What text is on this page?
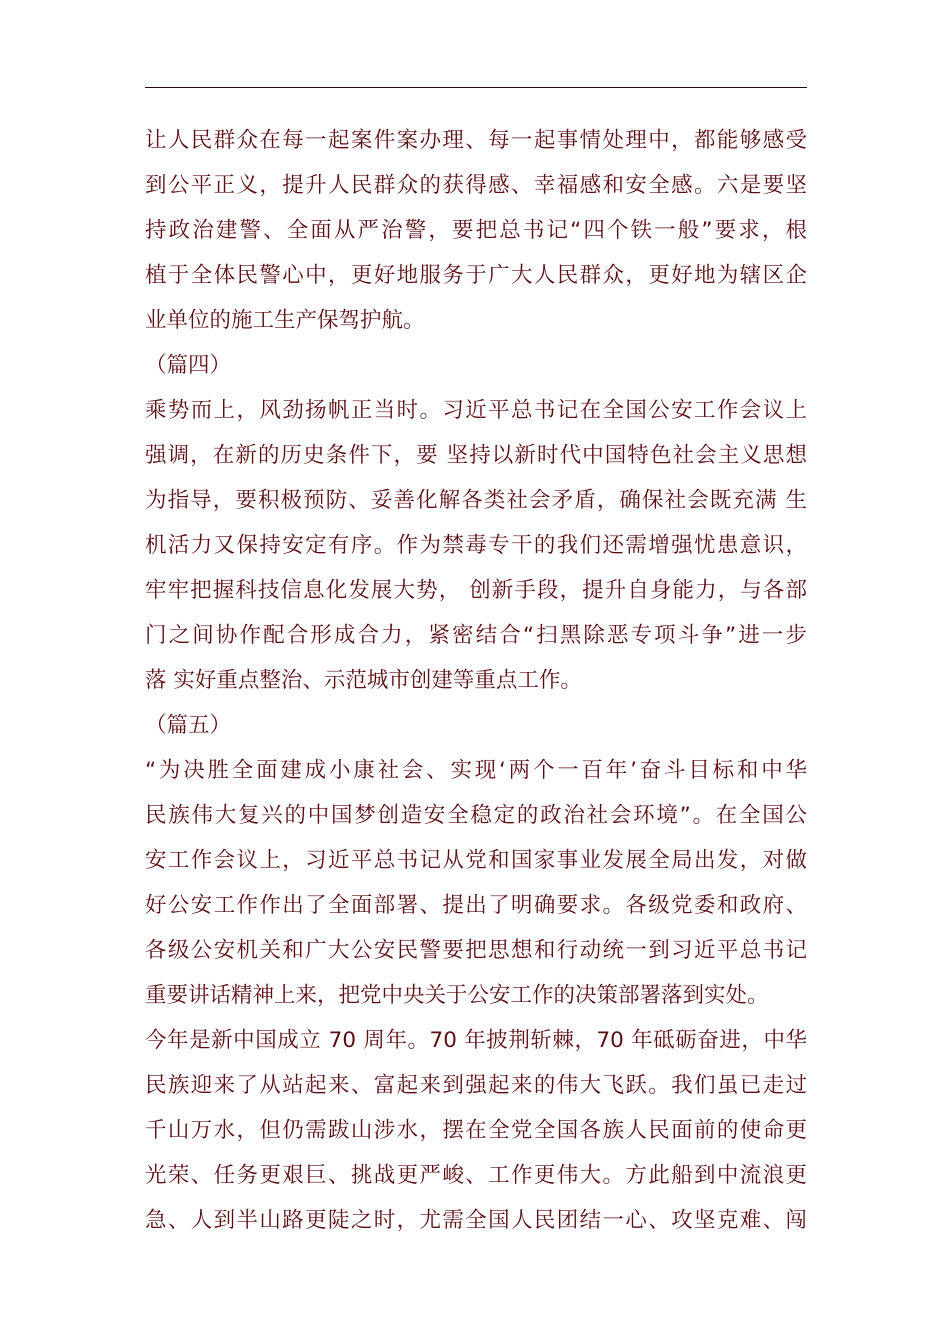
让人民群众在每一起案件案办理、每一起事情处理中，都能够感受
到公平正义，提升人民群众的获得感、幸福感和安全感。六是要坚
持政治建警、全面从严治警，要把总书记“四个铁一般”要求，根
植于全体民警心中，更好地服务于广大人民群众，更好地为辖区企
业单位的施工生产保驾护航。
（篇四）
乘势而上，风劲扬帆正当时。习近平总书记在全国公安工作会议上
强调，在新的历史条件下，要 坚持以新时代中国特色社会主义思想
为指导，要积极预防、妥善化解各类社会矛盾，确保社会既充满 生
机活力又保持安定有序。作为禁毒专干的我们还需增强忧患意识，
牢牢把握科技信息化发展大势， 创新手段，提升自身能力，与各部
门之间协作配合形成合力，紧密结合“扫黑除恶专项斗争”进一步
落 实好重点整治、示范城市创建等重点工作。
（篇五）
“为决胜全面建成小康社会、实现‘两个一百年’奋斗目标和中华
民族伟大复兴的中国梦创造安全稳定的政治社会环境”。在全国公
安工作会议上，习近平总书记从党和国家事业发展全局出发，对做
好公安工作作出了全面部署、提出了明确要求。各级党委和政府、
各级公安机关和广大公安民警要把思想和行动统一到习近平总书记
重要讲话精神上来，把党中央关于公安工作的决策部署落到实处。
今年是新中国成立 70 周年。70 年披荆斩棘，70 年砥砺奋进，中华
民族迎来了从站起来、富起来到强起来的伟大飞跃。我们虽已走过
千山万水，但仍需跋山涉水，摆在全党全国各族人民面前的使命更
光荣、任务更艰巨、挑战更严峻、工作更伟大。方此船到中流浪更
急、人到半山路更陡之时，尤需全国人民团结一心、攻坚克难、闯
